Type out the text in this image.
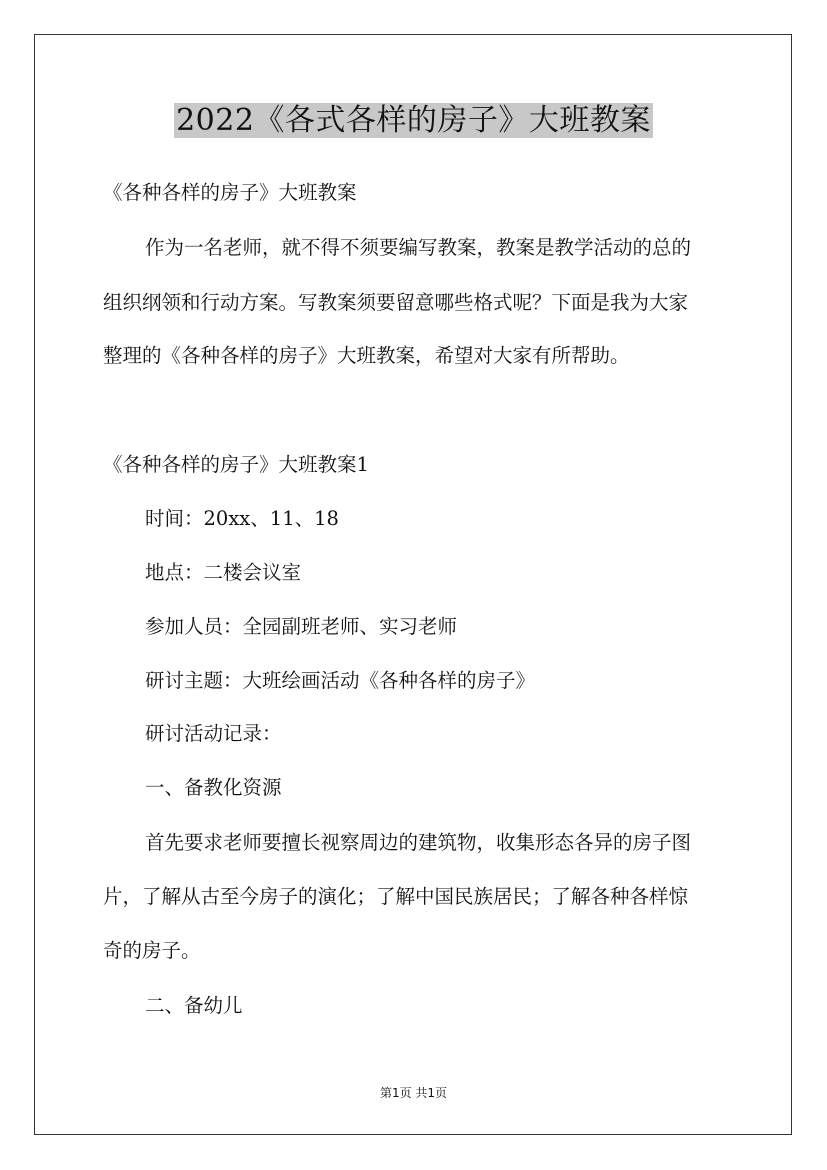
2022《各式各样的房子》大班教案

《各种各样的房子》大班教案

作为一名老师，就不得不须要编写教案，教案是教学活动的总的

组织纲领和行动方案。写教案须要留意哪些格式呢？下面是我为大家

整理的《各种各样的房子》大班教案，希望对大家有所帮助。

《各种各样的房子》大班教案1

时间：20xx、11、18

地点：二楼会议室

参加人员：全园副班老师、实习老师

研讨主题：大班绘画活动《各种各样的房子》

研讨活动记录：

一、备教化资源

首先要求老师要擅长视察周边的建筑物，收集形态各异的房子图

片，了解从古至今房子的演化；了解中国民族居民；了解各种各样惊

奇的房子。

二、备幼儿

第1页 共1页
